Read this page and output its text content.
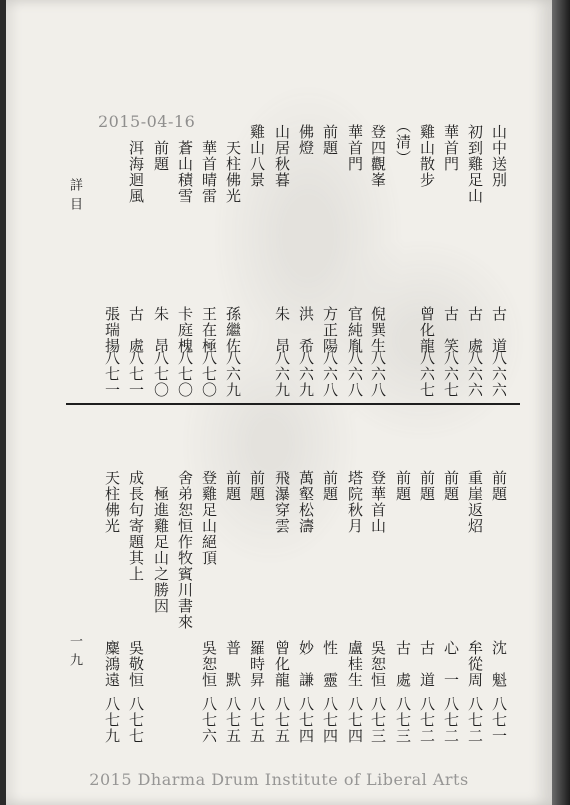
2015-04-16
詳目
一九
山中送別
初到雞足山
華首門
雞山散步
（清）
登四觀峯
華首門
前題
佛燈
山居秋暮
雞山八景
天柱佛光
華首晴雷
蒼山積雪
前題
洱海迴風
古　道
古　處
古　笑
曾化龍
倪巽生
官純胤
方正陽
洪　希
朱　昂
孫繼佐
王在極
卡庭槐
朱　昂
古　處
張瑞揚
八六六
八六六
八六七
八六七
八六八
八六八
八六八
八六九
八六九
八六九
八七〇
八七〇
八七〇
八七一
八七一
前題
重崖返炤
前題
前題
前題
登華首山
塔院秋月
前題
萬壑松濤
飛瀑穿雲
前題
前題
登雞足山絕頂
舍弟恕恒作牧賓川書來
極進雞足山之勝因
成長句寄題其上
天柱佛光
沈　魁
牟從周
心　一
古　道
古　處
吳恕恒
盧桂生
性　靈
妙　謙
曾化龍
羅時昇
普　默
吳恕恒
吳敬恒
麋鴻遠
八七一
八七二
八七二
八七二
八七三
八七三
八七四
八七四
八七四
八七五
八七五
八七五
八七六
八七七
八七九
2015 Dharma Drum Institute of Liberal Arts
